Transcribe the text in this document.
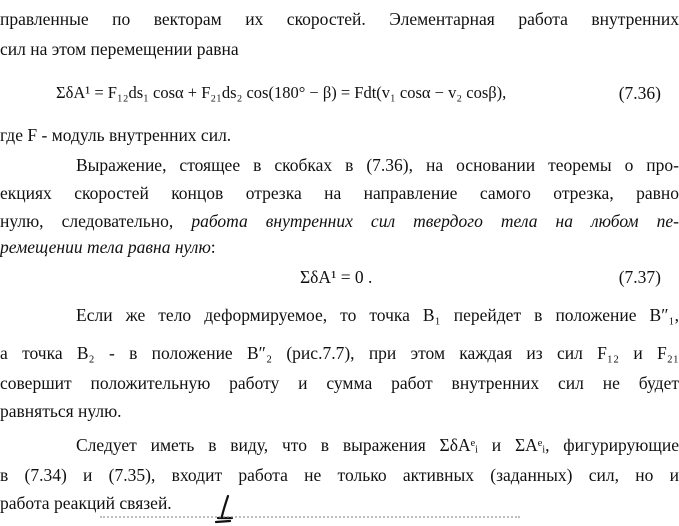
правленные по векторам их скоростей. Элементарная работа внутренних
сил на этом перемещении равна
ΣδA¹ = F₁₂ds₁ cosα + F₂₁ds₂ cos(180° − β) = Fdt(v₁ cosα − v₂ cosβ),	(7.36)
где F - модуль внутренних сил.
Выражение, стоящее в скобках в (7.36), на основании теоремы о про-
екциях скоростей концов отрезка на направление самого отрезка, равно
нулю, следовательно, работа внутренних сил твердого тела на любом пе-
ремещении тела равна нулю:
ΣδA¹ = 0 .	(7.37)
Если же тело деформируемое, то точка B₁ перейдет в положение B″₁,
а точка B₂ - в положение B″₂ (рис.7.7), при этом каждая из сил F₁₂ и F₂₁
совершит положительную работу и сумма работ внутренних сил не будет
равняться нулю.
Следует иметь в виду, что в выражения ΣδAᵉᵢ и ΣAᵉᵢ, фигурирующие
в (7.34) и (7.35), входит работа не только активных (заданных) сил, но и
работа реакций связей.
